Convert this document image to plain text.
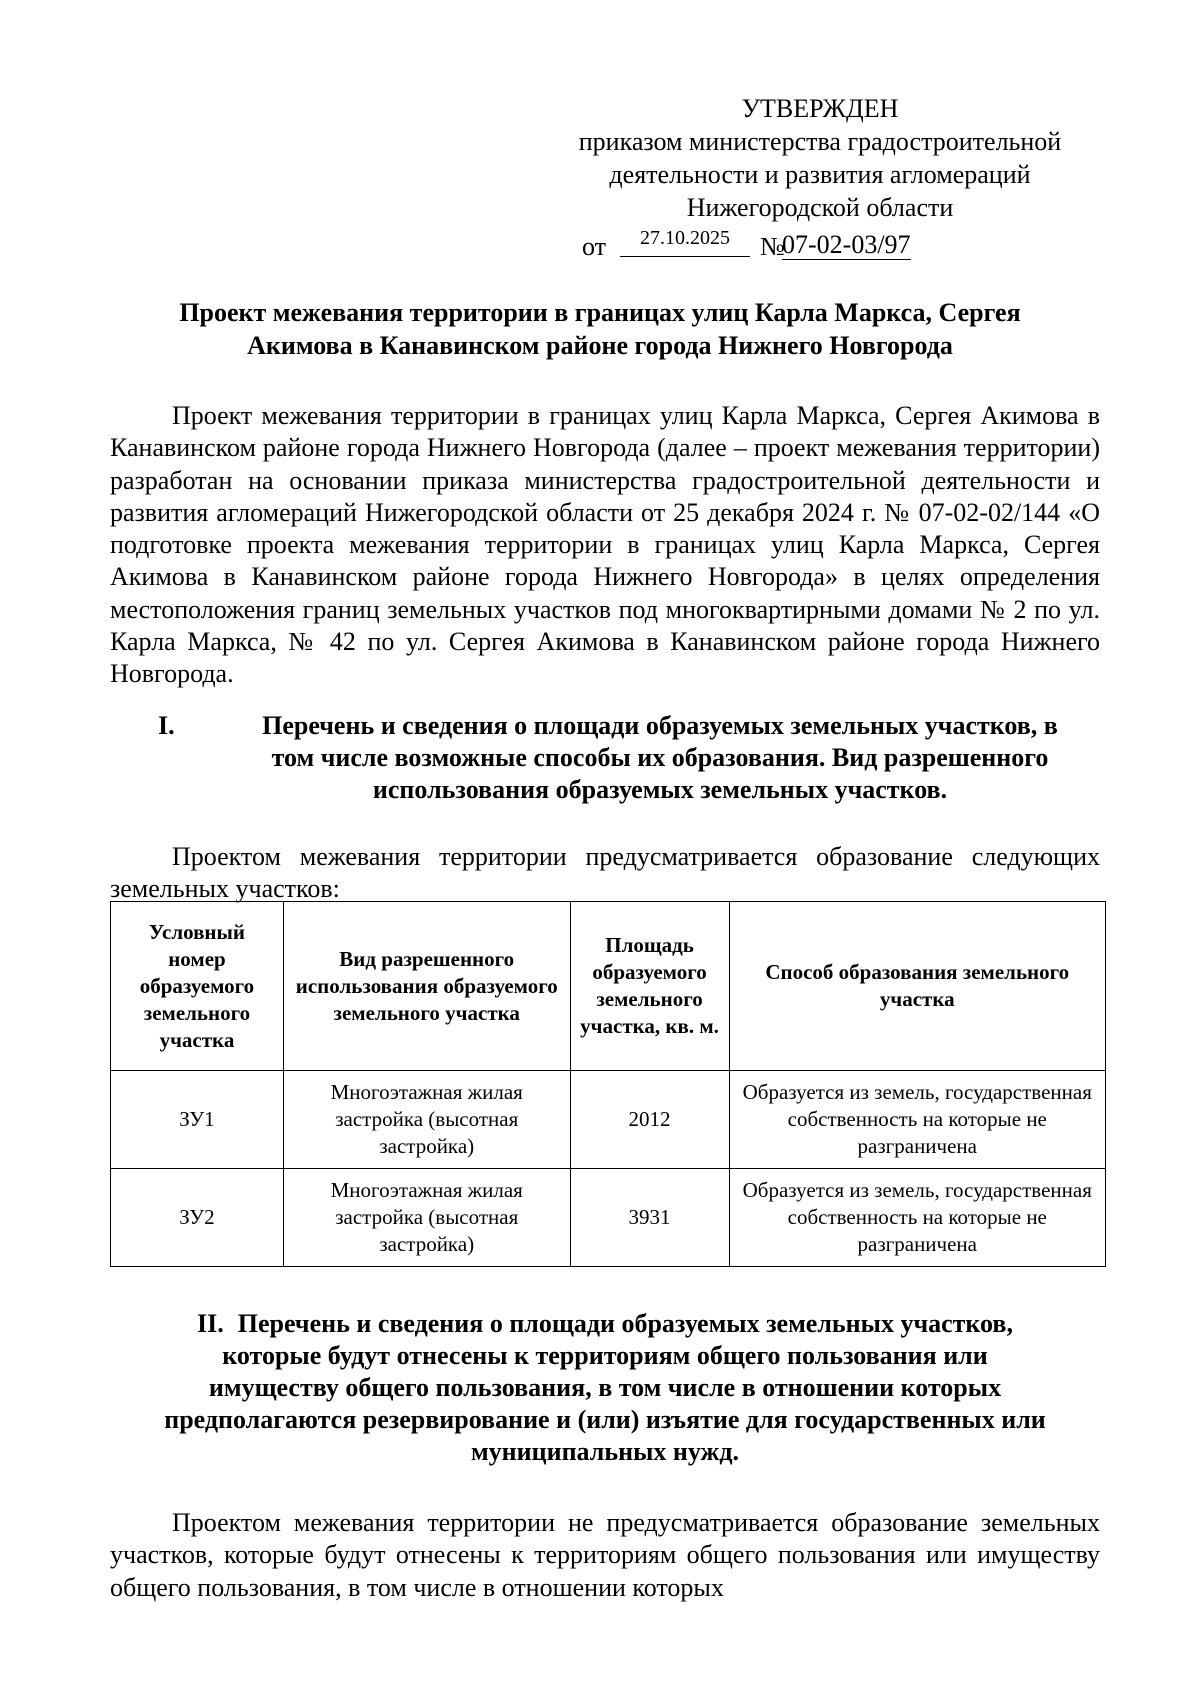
УТВЕРЖДЕН
приказом министерства градостроительной
деятельности и развития агломераций
Нижегородской области
от	27.10.2025	№
07-02-03/97
Проект межевания территории в границах улиц Карла Маркса, Сергея
Акимова в Канавинском районе города Нижнего Новгорода
Проект межевания территории в границах улиц Карла Маркса, Сергея Акимова в Канавинском районе города Нижнего Новгорода (далее – проект межевания территории) разработан на основании приказа министерства градостроительной деятельности и развития агломераций Нижегородской области от 25 декабря 2024 г. № 07-02-02/144 «О подготовке проекта межевания территории в границах улиц Карла Маркса, Сергея Акимова в Канавинском районе города Нижнего Новгорода» в целях определения местоположения границ земельных участков под многоквартирными домами № 2 по ул. Карла Маркса, № 42 по ул. Сергея Акимова в Канавинском районе города Нижнего Новгорода.
I.	Перечень и сведения о площади образуемых земельных участков, в
том числе возможные способы их образования. Вид разрешенного
использования образуемых земельных участков.
Проектом межевания территории предусматривается образование следующих земельных участков:
Условный номер образуемого земельного участка	Вид разрешенного использования образуемого земельного участка	Площадь образуемого земельного участка, кв. м.	Способ образования земельного участка
ЗУ1	Многоэтажная жилая застройка (высотная застройка)	2012	Образуется из земель, государственная собственность на которые не разграничена
ЗУ2	Многоэтажная жилая застройка (высотная застройка)	3931	Образуется из земель, государственная собственность на которые не разграничена
II. Перечень и сведения о площади образуемых земельных участков,
которые будут отнесены к территориям общего пользования или
имуществу общего пользования, в том числе в отношении которых
предполагаются резервирование и (или) изъятие для государственных или
муниципальных нужд.
Проектом межевания территории не предусматривается образование земельных участков, которые будут отнесены к территориям общего пользования или имуществу общего пользования, в том числе в отношении которых
